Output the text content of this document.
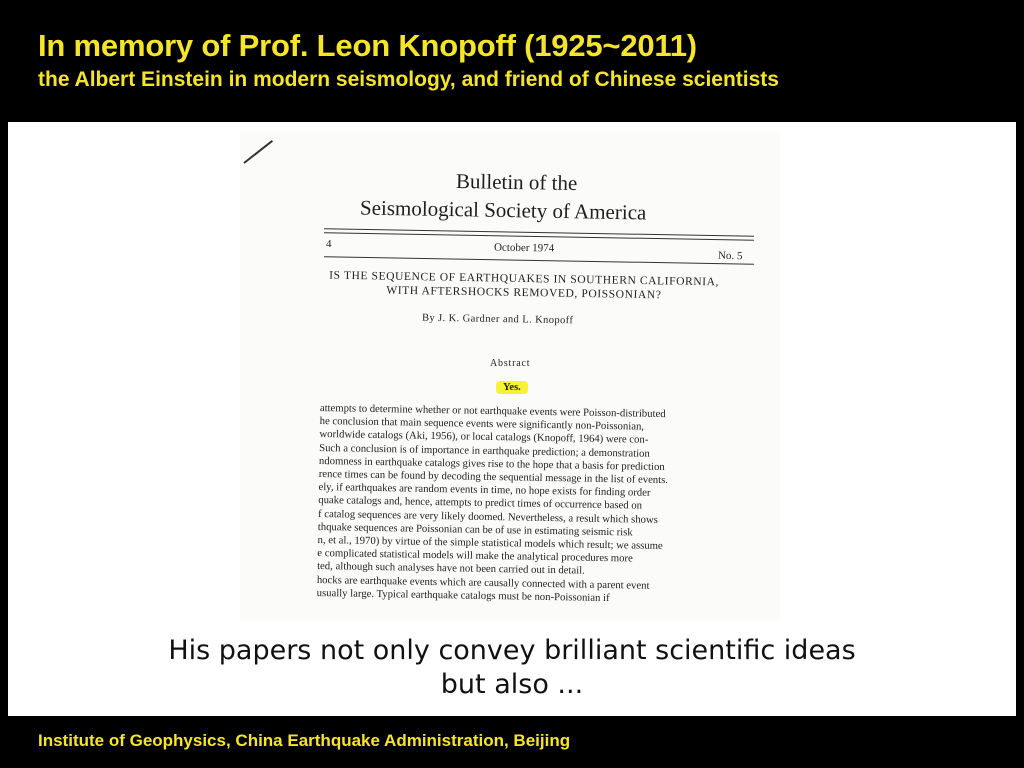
In memory of Prof. Leon Knopoff (1925~2011)
the Albert Einstein in modern seismology, and friend of Chinese scientists
Bulletin of the
Seismological Society of America
4	October 1974
No. 5
IS THE SEQUENCE OF EARTHQUAKES IN SOUTHERN CALIFORNIA,
WITH AFTERSHOCKS REMOVED, POISSONIAN?
By J. K. Gardner and L. Knopoff
Abstract
Yes.
attempts to determine whether or not earthquake events were Poisson-distributed
he conclusion that main sequence events were significantly non-Poissonian,
worldwide catalogs (Aki, 1956), or local catalogs (Knopoff, 1964) were con-
Such a conclusion is of importance in earthquake prediction; a demonstration
ndomness in earthquake catalogs gives rise to the hope that a basis for prediction
rence times can be found by decoding the sequential message in the list of events.
ely, if earthquakes are random events in time, no hope exists for finding order
quake catalogs and, hence, attempts to predict times of occurrence based on
f catalog sequences are very likely doomed. Nevertheless, a result which shows
thquake sequences are Poissonian can be of use in estimating seismic risk
n, et al., 1970) by virtue of the simple statistical models which result; we assume
e complicated statistical models will make the analytical procedures more
ted, although such analyses have not been carried out in detail.
hocks are earthquake events which are causally connected with a parent event
usually large. Typical earthquake catalogs must be non-Poissonian if
His papers not only convey brilliant scientific ideas
but also ...
Institute of Geophysics, China Earthquake Administration, Beijing
